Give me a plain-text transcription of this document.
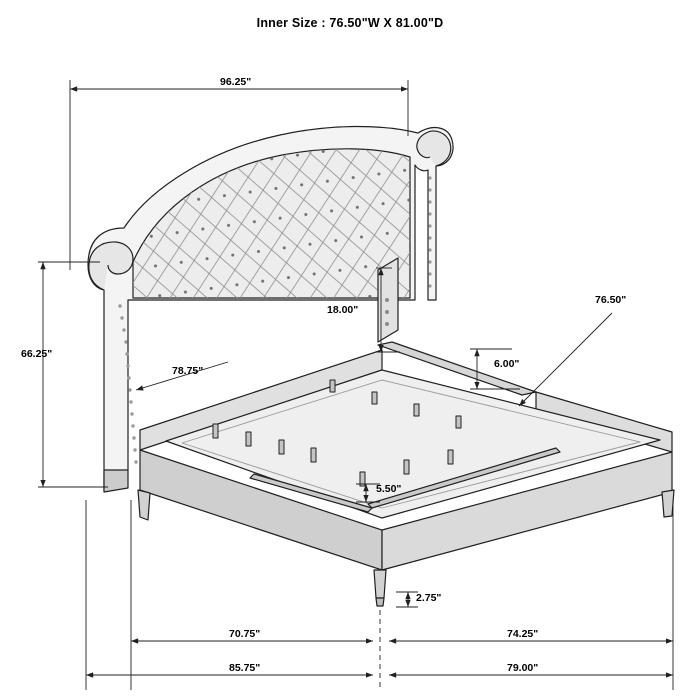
Inner Size : 76.50"W X 81.00"D
96.25"
66.25"
78.75"
18.00"
6.00"
76.50"
5.50"
2.75"
70.75"	74.25"
85.75"	79.00"
